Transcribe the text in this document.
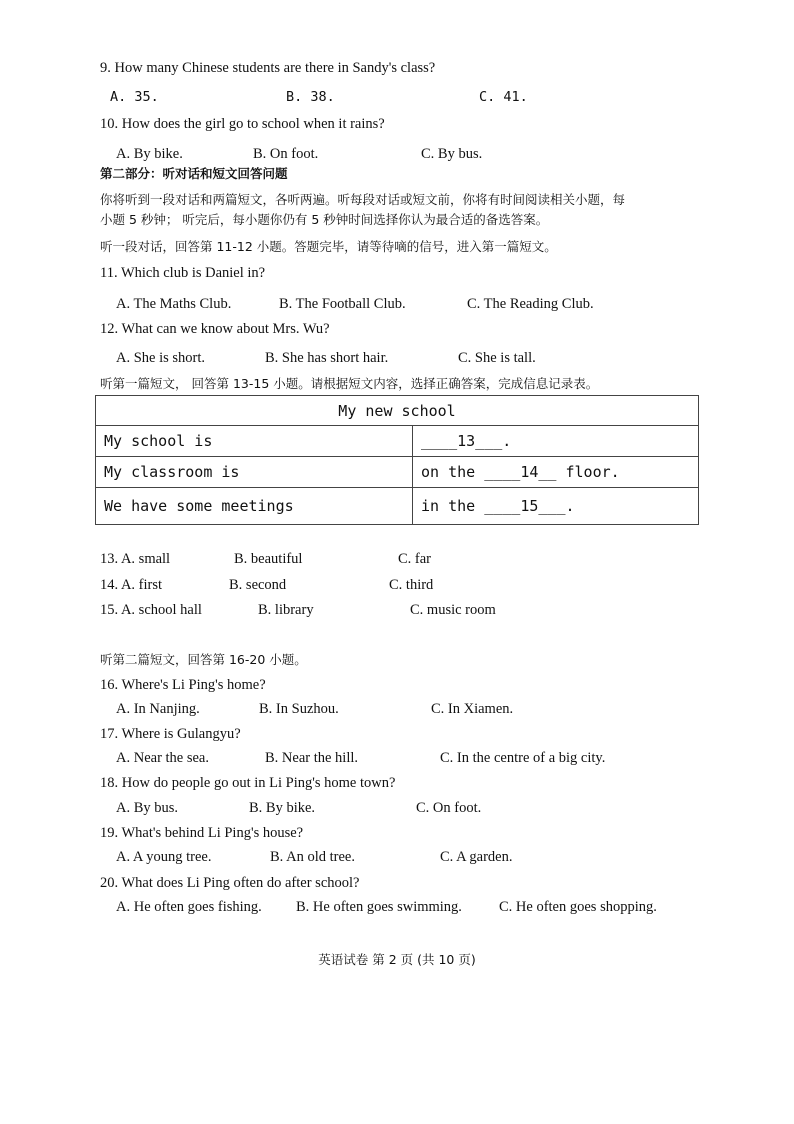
9. How many Chinese students are there in Sandy's class?
A. 35.	B. 38.	C. 41.
10. How does the girl go to school when it rains?
A. By bike.	B. On foot.	C. By bus.
第二部分：听对话和短文回答问题
你将听到一段对话和两篇短文，各听两遍。听每段对话或短文前，你将有时间阅读相关小题，每
小题 5 秒钟； 听完后，每小题你仍有 5 秒钟时间选择你认为最合适的备选答案。
听一段对话，回答第 11-12 小题。答题完毕，请等待嘀的信号，进入第一篇短文。
11. Which club is Daniel in?
A. The Maths Club.	B. The Football Club.	C. The Reading Club.
12. What can we know about Mrs. Wu?
A. She is short.	B. She has short hair.	C. She is tall.
听第一篇短文， 回答第 13-15 小题。请根据短文内容，选择正确答案，完成信息记录表。
My new school	
My school is	____13___.
My classroom is	on the ____14__ floor.
We have some meetings	in the ____15___.
13. A. small	B. beautiful	C. far
14. A. first	B. second	C. third
15. A. school hall	B. library	C. music room
听第二篇短文，回答第 16-20 小题。
16. Where's Li Ping's home?
A. In Nanjing.	B. In Suzhou.	C. In Xiamen.
17. Where is Gulangyu?
A. Near the sea.	B. Near the hill.	C. In the centre of a big city.
18. How do people go out in Li Ping's home town?
A. By bus.	B. By bike.	C. On foot.
19. What's behind Li Ping's house?
A. A young tree.	B. An old tree.	C. A garden.
20. What does Li Ping often do after school?
A. He often goes fishing. B. He often goes swimming.	C. He often goes shopping.
英语试卷 第 2 页 (共 10 页)
